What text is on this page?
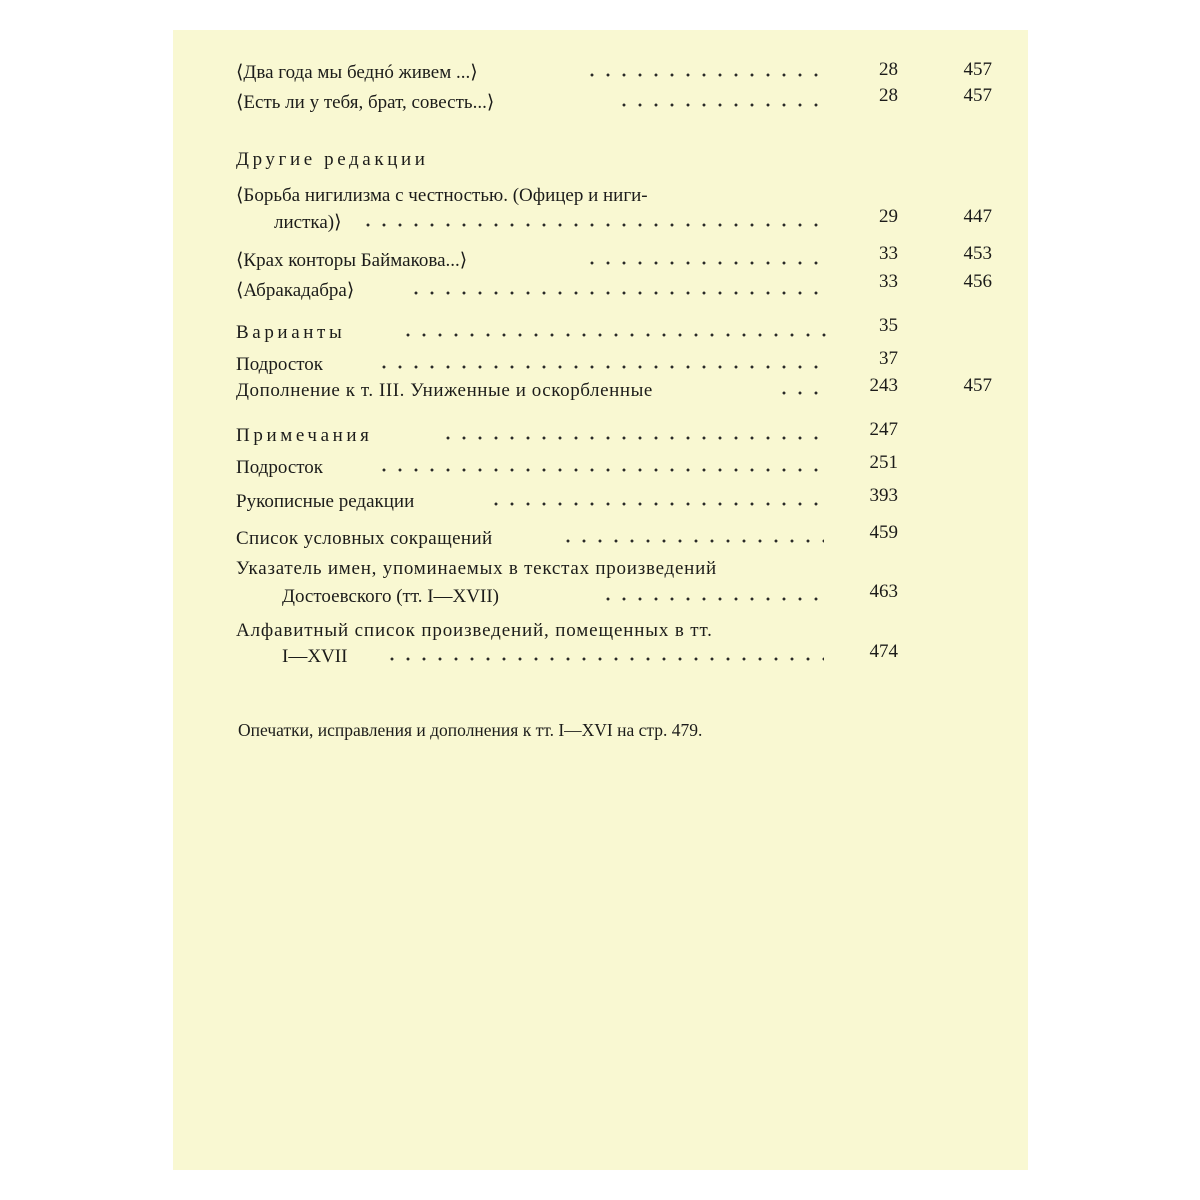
⟨Два года мы беднó живем ...⟩	28	457
⟨Есть ли у тебя, брат, совесть...⟩	28	457
Другие редакции
⟨Борьба нигилизма с честностью. (Офицер и ниги-
листка)⟩	29	447
⟨Крах конторы Баймакова...⟩	33	453
⟨Абракадабра⟩	33	456
Варианты	35
Подросток	37
Дополнение к т. III. Униженные и оскорбленные	243	457
Примечания	247
Подросток	251
Рукописные редакции	393
Список условных сокращений	459
Указатель имен, упоминаемых в текстах произведений
Достоевского (тт. I—XVII)	463
Алфавитный список произведений, помещенных в тт.
I—XVII	474
Опечатки, исправления и дополнения к тт. I—XVI на стр. 479.
